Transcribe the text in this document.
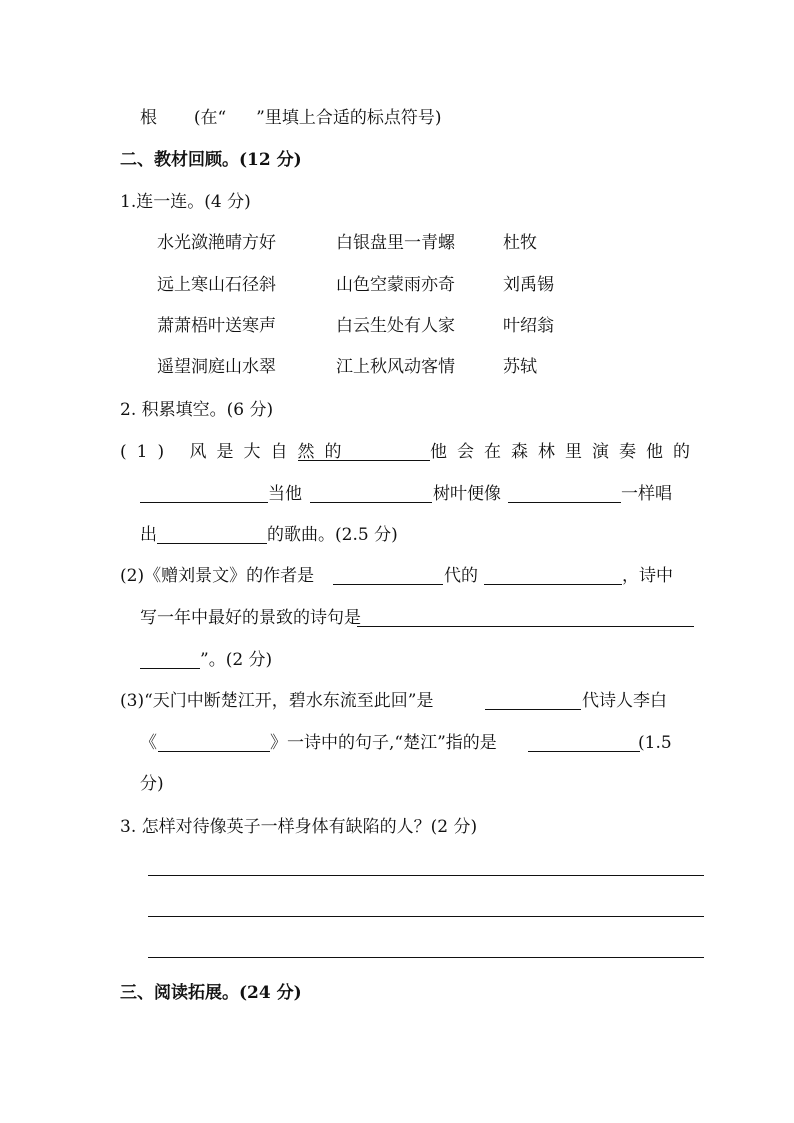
根 (在“ ”里填上合适的标点符号)
二、教材回顾。(12 分)
1.连一连。(4 分)
水光潋滟晴方好	白银盘里一青螺	杜牧
远上寒山石径斜	山色空蒙雨亦奇	刘禹锡
萧萧梧叶送寒声	白云生处有人家	叶绍翁
遥望洞庭山水翠	江上秋风动客情	苏轼
2. 积累填空。(6 分)
(1) 风是大自然的	他会在森林里演奏他的
当他	树叶便像	一样唱
出	的歌曲。(2.5 分)
(2)《赠刘景文》的作者是	代的	，诗中
写一年中最好的景致的诗句是
”。(2 分)
(3)“天门中断楚江开，碧水东流至此回”是	代诗人李白
《	》一诗中的句子,“楚江”指的是	(1.5
分)
3. 怎样对待像英子一样身体有缺陷的人？(2 分)
三、阅读拓展。(24 分)
